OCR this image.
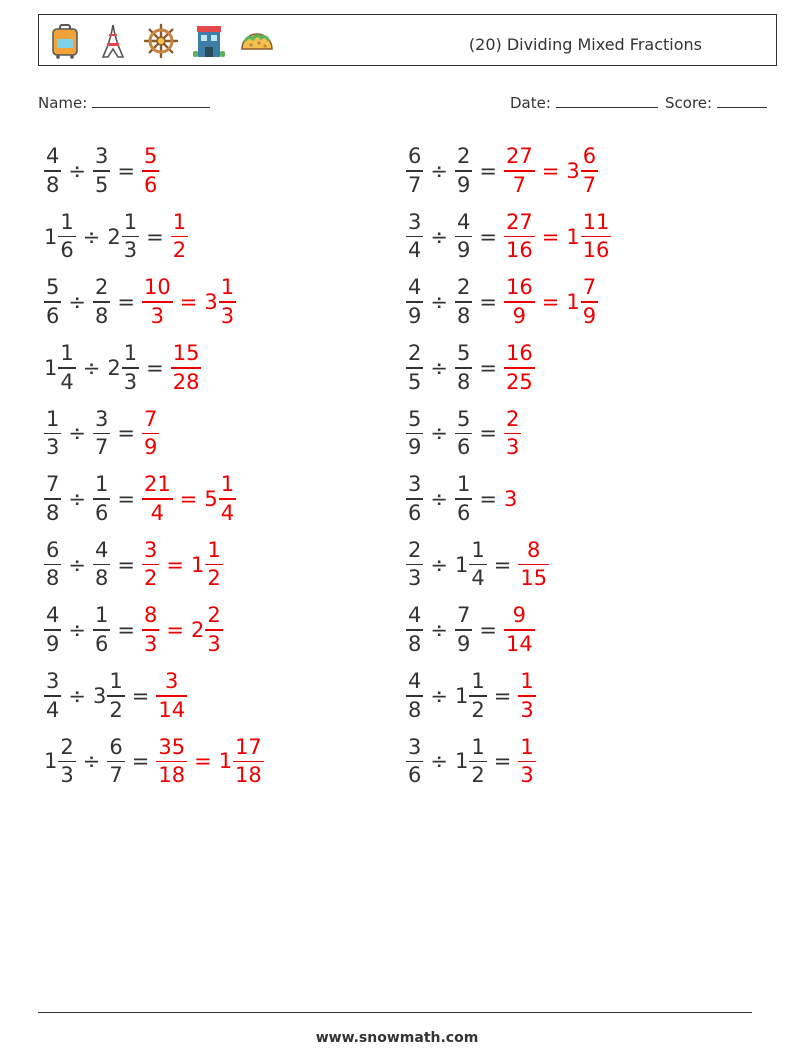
(20) Dividing Mixed Fractions
Name:	Date:	Score:
$\frac{4}{8} \div \frac{3}{5} = \frac{5}{6}$	$\frac{6}{7} \div \frac{2}{9} = \frac{27}{7} = 3 \frac{6}{7}$
$1 \frac{1}{6} \div 2 \frac{1}{3} = \frac{1}{2}$	$\frac{3}{4} \div \frac{4}{9} = \frac{27}{16} = 1 \frac{11}{16}$
$\frac{5}{6} \div \frac{2}{8} = \frac{10}{3} = 3 \frac{1}{3}$	$\frac{4}{9} \div \frac{2}{8} = \frac{16}{9} = 1 \frac{7}{9}$
$1 \frac{1}{4} \div 2 \frac{1}{3} = \frac{15}{28}$	$\frac{2}{5} \div \frac{5}{8} = \frac{16}{25}$
$\frac{1}{3} \div \frac{3}{7} = \frac{7}{9}$	$\frac{5}{9} \div \frac{5}{6} = \frac{2}{3}$
$\frac{7}{8} \div \frac{1}{6} = \frac{21}{4} = 5 \frac{1}{4}$	$\frac{3}{6} \div \frac{1}{6} = 3$
$\frac{6}{8} \div \frac{4}{8} = \frac{3}{2} = 1 \frac{1}{2}$	$\frac{2}{3} \div 1 \frac{1}{4} = \frac{8}{15}$
$\frac{4}{9} \div \frac{1}{6} = \frac{8}{3} = 2 \frac{2}{3}$	$\frac{4}{8} \div \frac{7}{9} = \frac{9}{14}$
$\frac{3}{4} \div 3 \frac{1}{2} = \frac{3}{14}$	$\frac{4}{8} \div 1 \frac{1}{2} = \frac{1}{3}$
$1 \frac{2}{3} \div \frac{6}{7} = \frac{35}{18} = 1 \frac{17}{18}$	$\frac{3}{6} \div 1 \frac{1}{2} = \frac{1}{3}$
www.snowmath.com
